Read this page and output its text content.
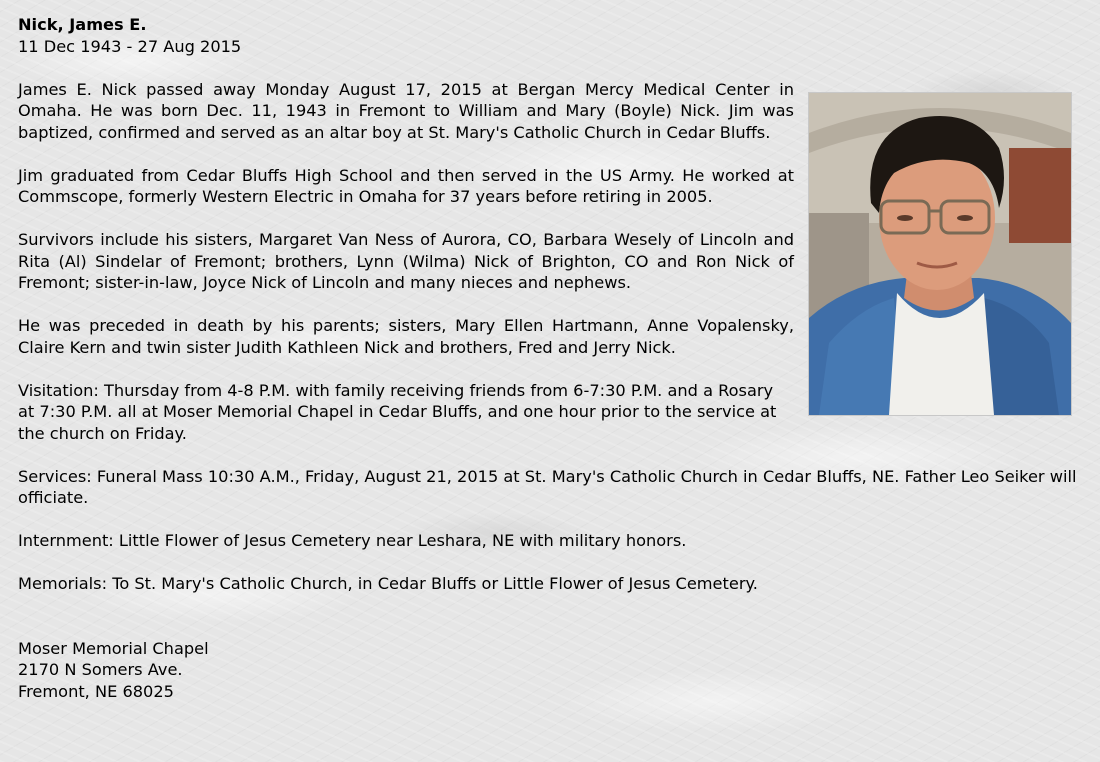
Nick, James E.
11 Dec 1943 - 27 Aug 2015

James E. Nick passed away Monday August 17, 2015 at Bergan Mercy Medical Center in Omaha. He was born Dec. 11, 1943 in Fremont to William and Mary (Boyle) Nick. Jim was baptized, confirmed and served as an altar boy at St. Mary's Catholic Church in Cedar Bluffs.

Jim graduated from Cedar Bluffs High School and then served in the US Army. He worked at Commscope, formerly Western Electric in Omaha for 37 years before retiring in 2005.

Survivors include his sisters, Margaret Van Ness of Aurora, CO, Barbara Wesely of Lincoln and Rita (Al) Sindelar of Fremont; brothers, Lynn (Wilma) Nick of Brighton, CO and Ron Nick of Fremont; sister-in-law, Joyce Nick of Lincoln and many nieces and nephews.

He was preceded in death by his parents; sisters, Mary Ellen Hartmann, Anne Vopalensky, Claire Kern and twin sister Judith Kathleen Nick and brothers, Fred and Jerry Nick.

Visitation: Thursday from 4-8 P.M. with family receiving friends from 6-7:30 P.M. and a Rosary at 7:30 P.M. all at Moser Memorial Chapel in Cedar Bluffs, and one hour prior to the service at the church on Friday.

Services: Funeral Mass 10:30 A.M., Friday, August 21, 2015 at St. Mary's Catholic Church in Cedar Bluffs, NE. Father Leo Seiker will officiate.

Internment: Little Flower of Jesus Cemetery near Leshara, NE with military honors.

Memorials: To St. Mary's Catholic Church, in Cedar Bluffs or Little Flower of Jesus Cemetery.

Moser Memorial Chapel
2170 N Somers Ave.
Fremont, NE 68025
